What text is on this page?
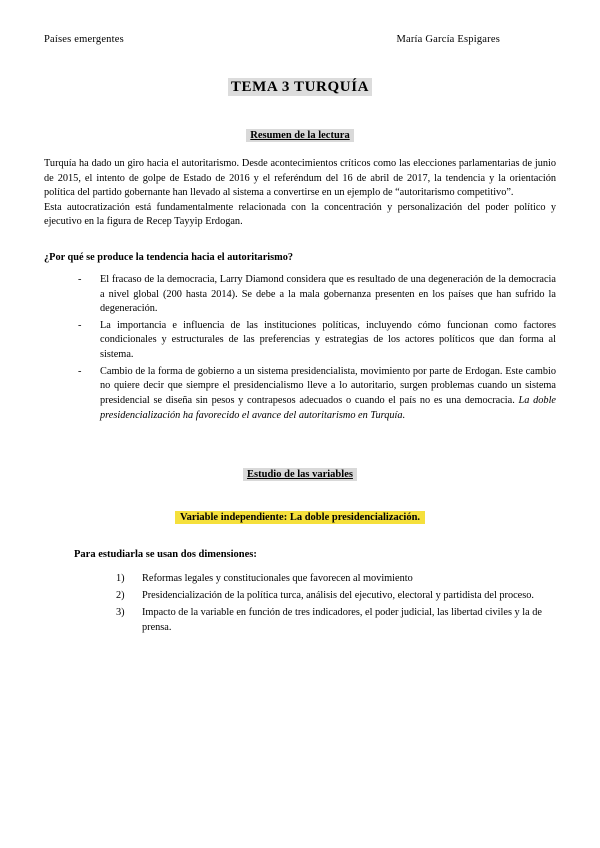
Países emergentes	María García Espigares
TEMA 3 TURQUÍA
Resumen de la lectura

Turquía ha dado un giro hacia el autoritarismo. Desde acontecimientos críticos como las elecciones parlamentarias de junio de 2015, el intento de golpe de Estado de 2016 y el referéndum del 16 de abril de 2017, la tendencia y la orientación política del partido gobernante han llevado al sistema a convertirse en un ejemplo de “autoritarismo competitivo”.

Esta autocratización está fundamentalmente relacionada con la concentración y personalización del poder político y ejecutivo en la figura de Recep Tayyip Erdogan.

¿Por qué se produce la tendencia hacia el autoritarismo?

- El fracaso de la democracia, Larry Diamond considera que es resultado de una degeneración de la democracia a nivel global (200 hasta 2014). Se debe a la mala gobernanza presenten en los países que han sufrido la degeneración.
- La importancia e influencia de las instituciones políticas, incluyendo cómo funcionan como factores condicionales y estructurales de las preferencias y estrategias de los actores políticos que dan forma al sistema.
- Cambio de la forma de gobierno a un sistema presidencialista, movimiento por parte de Erdogan. Este cambio no quiere decir que siempre el presidencialismo lleve a lo autoritario, surgen problemas cuando un sistema presidencial se diseña sin pesos y contrapesos adecuados o cuando el país no es una democracia. La doble presidencialización ha favorecido el avance del autoritarismo en Turquía.
Estudio de las variables
Variable independiente: La doble presidencialización.
Para estudiarla se usan dos dimensiones:
Reformas legales y constitucionales que favorecen al movimiento
Presidencialización de la política turca, análisis del ejecutivo, electoral y partidista del proceso.
Impacto de la variable en función de tres indicadores, el poder judicial, las libertad civiles y la de prensa.
